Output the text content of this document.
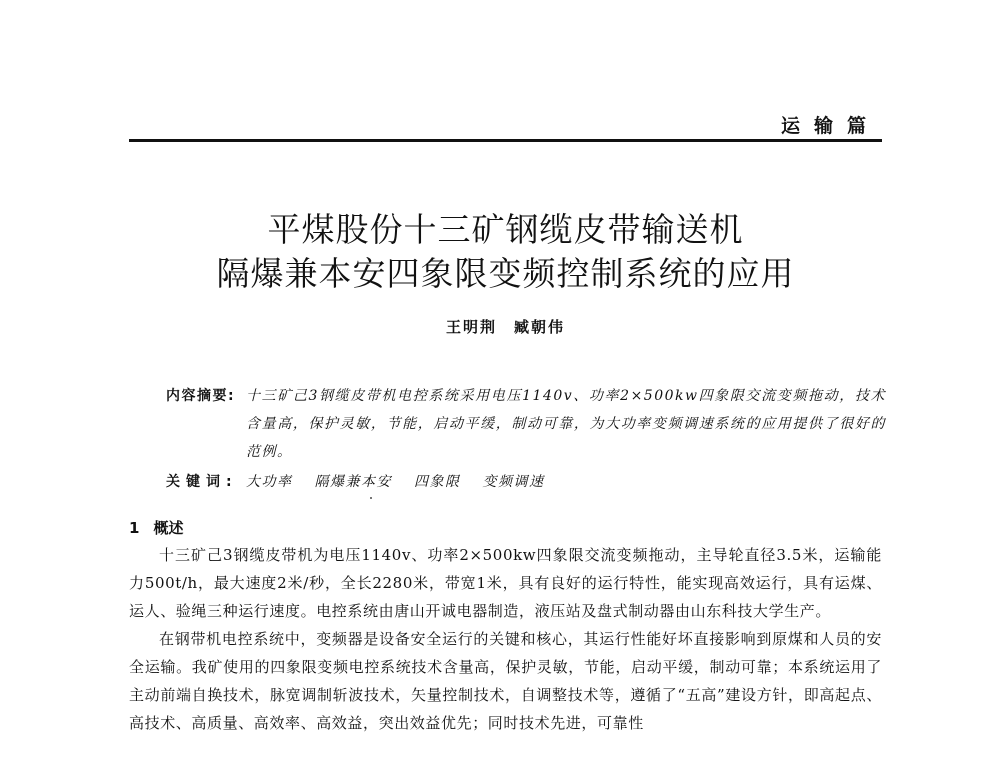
运输篇
平煤股份十三矿钢缆皮带输送机
隔爆兼本安四象限变频控制系统的应用
王明荆　臧朝伟
内容摘要: 十三矿己3钢缆皮带机电控系统采用电压1140v、功率2×500kw四象限交流变频拖动，技术含量高，保护灵敏，节能，启动平缓，制动可靠，为大功率变频调速系统的应用提供了很好的范例。
关键词: 大功率 隔爆兼本安 四象限 变频调速
1 概述

十三矿己3钢缆皮带机为电压1140v、功率2×500kw四象限交流变频拖动，主导轮直径3.5米，运输能力500t/h，最大速度2米/秒，全长2280米，带宽1米，具有良好的运行特性，能实现高效运行，具有运煤、运人、验绳三种运行速度。电控系统由唐山开诚电器制造，液压站及盘式制动器由山东科技大学生产。

在钢带机电控系统中，变频器是设备安全运行的关键和核心，其运行性能好坏直接影响到原煤和人员的安全运输。我矿使用的四象限变频电控系统技术含量高，保护灵敏，节能，启动平缓，制动可靠；本系统运用了主动前端自换技术，脉宽调制斩波技术，矢量控制技术，自调整技术等，遵循了“五高”建设方针，即高起点、高技术、高质量、高效率、高效益，突出效益优先；同时技术先进，可靠性
